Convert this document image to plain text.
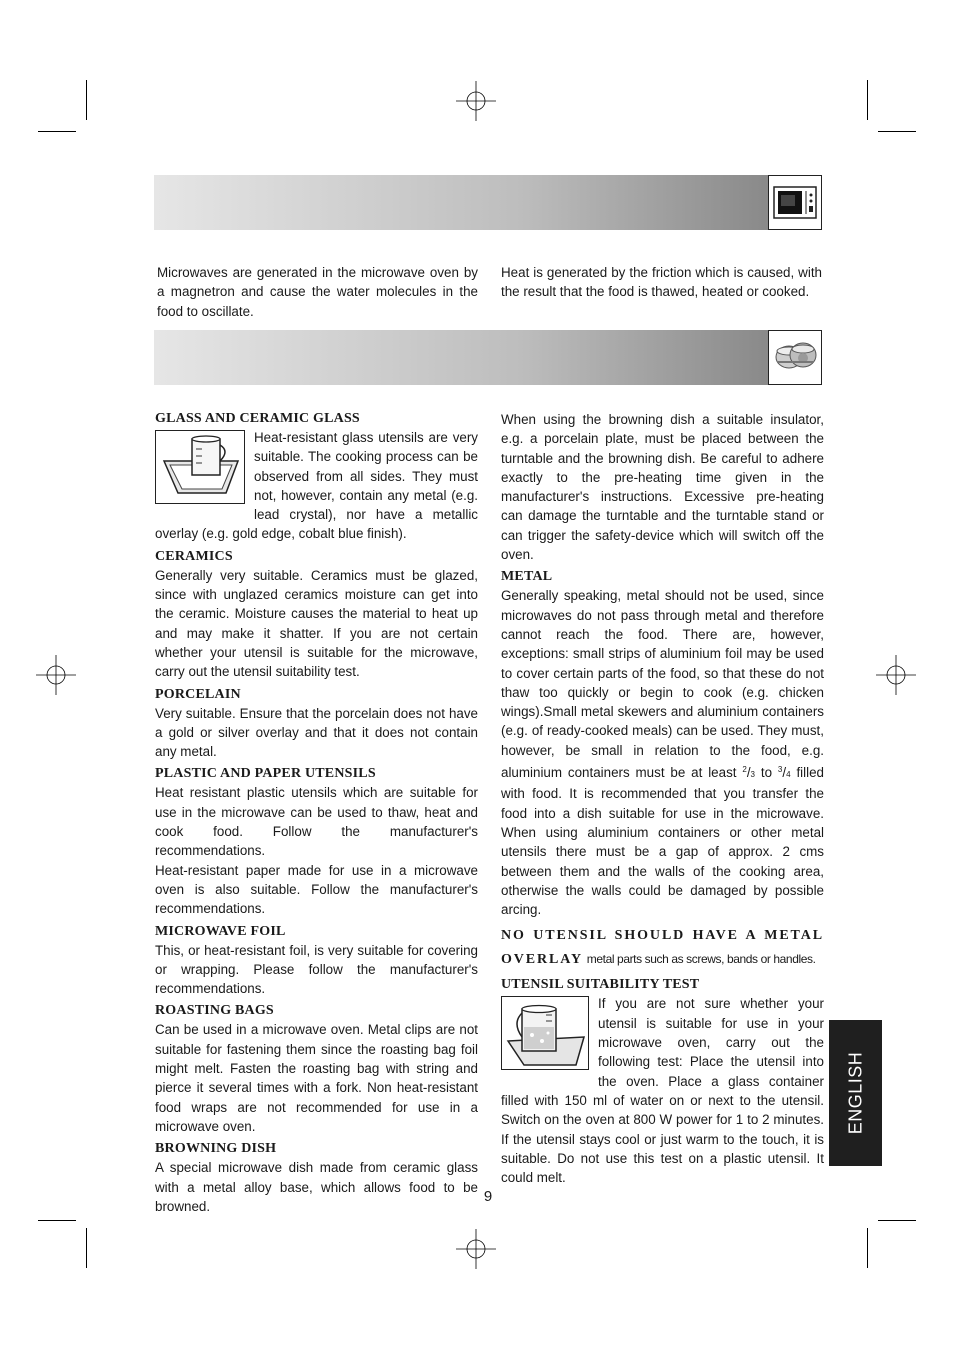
Microwaves are generated in the microwave oven by a magnetron and cause the water molecules in the food to oscillate.

Heat is generated by the friction which is caused, with the result that the food is thawed, heated or cooked.

GLASS AND CERAMIC GLASS

Heat-resistant glass utensils are very suitable. The cooking process can be observed from all sides. They must not, however, contain any metal (e.g. lead crystal), nor have a metallic overlay (e.g. gold edge, cobalt blue finish).

CERAMICS

Generally very suitable. Ceramics must be glazed, since with unglazed ceramics moisture can get into the ceramic. Moisture causes the material to heat up and may make it shatter. If you are not certain whether your utensil is suitable for the microwave, carry out the utensil suitability test.

PORCELAIN

Very suitable. Ensure that the porcelain does not have a gold or silver overlay and that it does not contain any metal.

PLASTIC AND PAPER UTENSILS

Heat resistant plastic utensils which are suitable for use in the microwave can be used to thaw, heat and cook food. Follow the manufacturer's recommendations.

Heat-resistant paper made for use in a microwave oven is also suitable. Follow the manufacturer's recommendations.

MICROWAVE FOIL

This, or heat-resistant foil, is very suitable for covering or wrapping. Please follow the manufacturer's recommendations.

ROASTING BAGS

Can be used in a microwave oven. Metal clips are not suitable for fastening them since the roasting bag foil might melt. Fasten the roasting bag with string and pierce it several times with a fork. Non heat-resistant food wraps are not recommended for use in a microwave oven.

BROWNING DISH

A special microwave dish made from ceramic glass with a metal alloy base, which allows food to be browned.

When using the browning dish a suitable insulator, e.g. a porcelain plate, must be placed between the turntable and the browning dish. Be careful to adhere exactly to the pre-heating time given in the manufacturer's instructions. Excessive pre-heating can damage the turntable and the turntable stand or can trigger the safety-device which will switch off the oven.

METAL

Generally speaking, metal should not be used, since microwaves do not pass through metal and therefore cannot reach the food. There are, however, exceptions: small strips of aluminium foil may be used to cover certain parts of the food, so that these do not thaw too quickly or begin to cook (e.g. chicken wings).Small metal skewers and aluminium containers (e.g. of ready-cooked meals) can be used. They must, however, be small in relation to the food, e.g. aluminium containers must be at least $^2$/3 to $^3$/4 filled with food. It is recommended that you transfer the food into a dish suitable for use in the microwave. When using aluminium containers or other metal utensils there must be a gap of approx. 2 cms between them and the walls of the cooking area, otherwise the walls could be damaged by possible arcing.

NO UTENSIL SHOULD HAVE A METAL OVERLAY metal parts such as screws, bands or handles.

UTENSIL SUITABILITY TEST

If you are not sure whether your utensil is suitable for use in your microwave oven, carry out the following test: Place the utensil into the oven. Place a glass container filled with 150 ml of water on or next to the utensil. Switch on the oven at 800 W power for 1 to 2 minutes. If the utensil stays cool or just warm to the touch, it is suitable. Do not use this test on a plastic utensil. It could melt.

9
ENGLISH
